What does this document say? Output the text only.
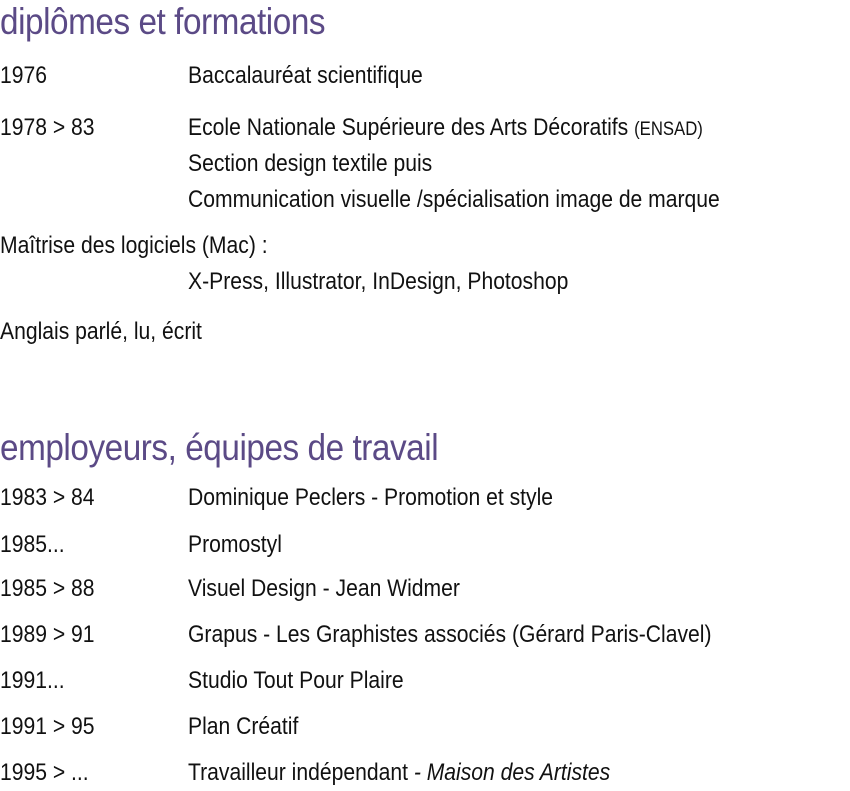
diplômes et formations
1976	Baccalauréat scientifique
1978 > 83	Ecole Nationale Supérieure des Arts Décoratifs (ENSAD)
Section design textile puis
Communication visuelle /spécialisation image de marque
Maîtrise des logiciels (Mac) :
X-Press, Illustrator, InDesign, Photoshop
Anglais parlé, lu, écrit
employeurs, équipes de travail
1983 > 84	Dominique Peclers - Promotion et style
1985...	Promostyl
1985 > 88	Visuel Design - Jean Widmer
1989 > 91	Grapus - Les Graphistes associés (Gérard Paris-Clavel)
1991...	Studio Tout Pour Plaire
1991 > 95	Plan Créatif
1995 > ...	Travailleur indépendant - Maison des Artistes
